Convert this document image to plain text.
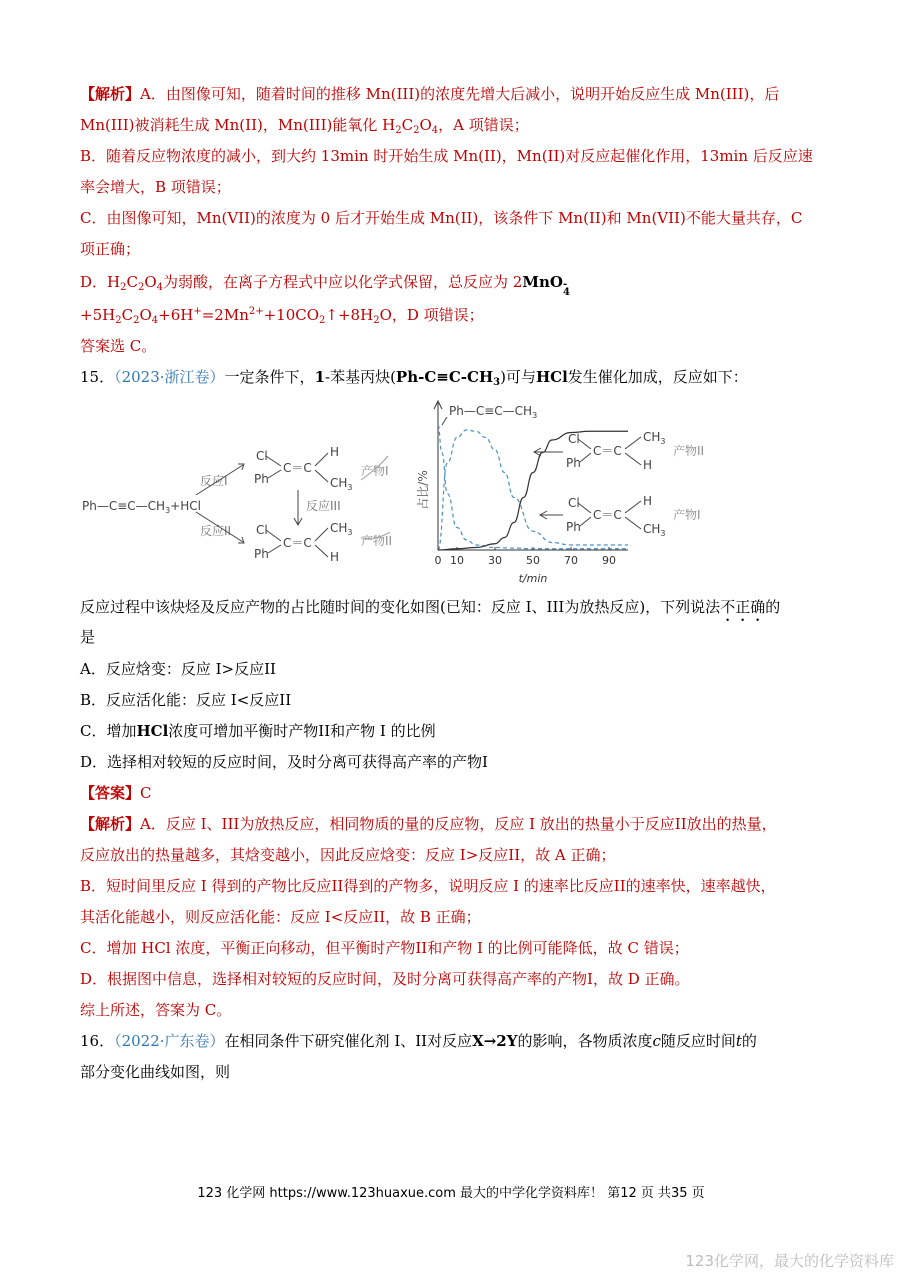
【解析】A．由图像可知，随着时间的推移 Mn(III)的浓度先增大后减小，说明开始反应生成 Mn(III)，后
Mn(III)被消耗生成 Mn(II)，Mn(III)能氧化 $H_2C_2O_4$，A 项错误；
B．随着反应物浓度的减小，到大约 13min 时开始生成 Mn(II)，Mn(II)对反应起催化作用，13min 后反应速
率会增大，B 项错误；
C．由图像可知，Mn(VII)的浓度为 0 后才开始生成 Mn(II)，该条件下 Mn(II)和 Mn(VII)不能大量共存，C
项正确；
D．$H_2C_2O_4$为弱酸，在离子方程式中应以化学式保留，总反应为 2MnO -
4
$+5H_2C_2O_4+6H^+=2Mn^{2+}+10CO_2↑+8H_2O$，D 项错误；
答案选 C。
15．（2023·浙江卷）一定条件下，1-苯基丙炔$(Ph-C\equiv C-CH_3)$可与HCl发生催化加成，反应如下：
$Ph—C\equiv C—CH_3+HCl$
反应I
反应II
反应III
Cl
Ph
C＝C
H
$CH_3$
产物I
Cl
Ph
C＝C
$CH_3$
H
产物II
占比/%
t/min
0 10 30 50 70 90
$Ph—C\equiv C—CH_3$
Cl
Ph
C＝C
$CH_3$
H
产物II
Cl
Ph
C＝C
H
$CH_3$
产物I
反应过程中该炔烃及反应产物的占比随时间的变化如图(已知：反应 I、III为放热反应)，下列说法不正确的
是
A．反应焓变：反应 I>反应II
B．反应活化能：反应 I<反应II
C．增加HCl浓度可增加平衡时产物II和产物 I 的比例
D．选择相对较短的反应时间，及时分离可获得高产率的产物I
【答案】C
【解析】A．反应 I、III为放热反应，相同物质的量的反应物，反应 I 放出的热量小于反应II放出的热量，
反应放出的热量越多，其焓变越小，因此反应焓变：反应 I>反应II，故 A 正确；
B．短时间里反应 I 得到的产物比反应II得到的产物多，说明反应 I 的速率比反应II的速率快，速率越快，
其活化能越小，则反应活化能：反应 I<反应II，故 B 正确；
C．增加 HCl 浓度，平衡正向移动，但平衡时产物II和产物 I 的比例可能降低，故 C 错误；
D．根据图中信息，选择相对较短的反应时间，及时分离可获得高产率的产物I，故 D 正确。
综上所述，答案为 C。
16．（2022·广东卷）在相同条件下研究催化剂 I、II对反应X→2Y的影响，各物质浓度c随反应时间t的
部分变化曲线如图，则
123 化学网 https://www.123huaxue.com 最大的中学化学资料库！ 第12 页 共35 页
123化学网，最大的化学资料库
